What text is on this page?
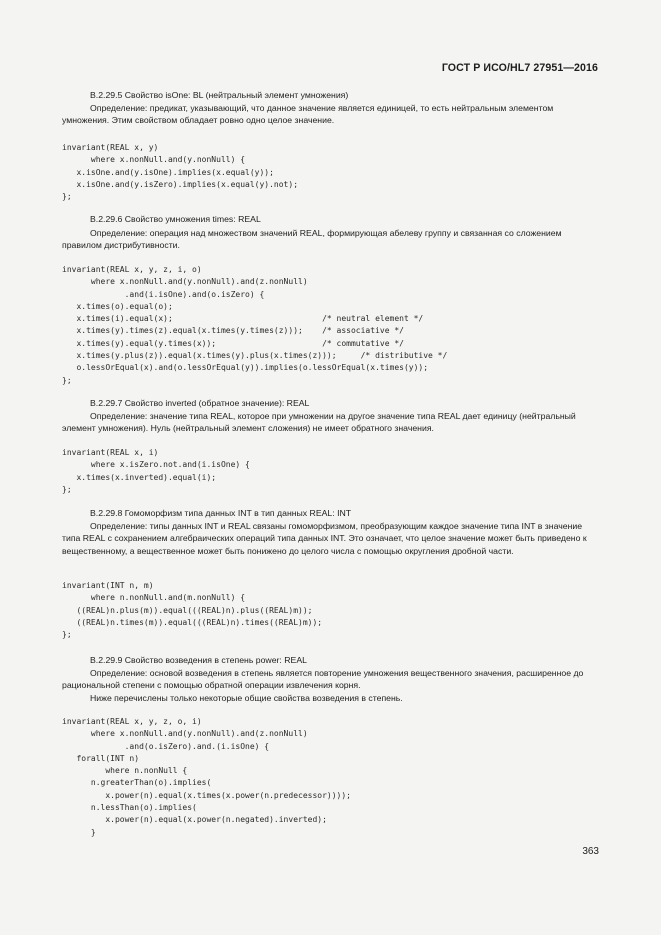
ГОСТ Р ИСО/HL7 27951—2016

B.2.29.5 Свойство isOne: BL (нейтральный элемент умножения)

Определение: предикат, указывающий, что данное значение является единицей, то есть нейтральным элементом умножения. Этим свойством обладает ровно одно целое значение.

invariant(REAL x, y)
where x.nonNull.and(y.nonNull) {
x.isOne.and(y.isOne).implies(x.equal(y));
x.isOne.and(y.isZero).implies(x.equal(y).not);
};

B.2.29.6 Свойство умножения times: REAL

Определение: операция над множеством значений REAL, формирующая абелеву группу и связанная со сложением правилом дистрибутивности.

invariant(REAL x, y, z, i, o)
where x.nonNull.and(y.nonNull).and(z.nonNull)
.and(i.isOne).and(o.isZero) {
x.times(o).equal(o);
x.times(i).equal(x);                               /* neutral element */
x.times(y).times(z).equal(x.times(y.times(z)));    /* associative */
x.times(y).equal(y.times(x));                      /* commutative */
x.times(y.plus(z)).equal(x.times(y).plus(x.times(z)));     /* distributive */
o.lessOrEqual(x).and(o.lessOrEqual(y)).implies(o.lessOrEqual(x.times(y));
};

B.2.29.7 Свойство inverted (обратное значение): REAL

Определение: значение типа REAL, которое при умножении на другое значение типа REAL дает единицу (нейтральный элемент умножения). Нуль (нейтральный элемент сложения) не имеет обратного значения.

invariant(REAL x, i)
where x.isZero.not.and(i.isOne) {
x.times(x.inverted).equal(i);
};

B.2.29.8 Гомоморфизм типа данных INT в тип данных REAL: INT

Определение: типы данных INT и REAL связаны гомоморфизмом, преобразующим каждое значение типа INT в значение типа REAL с сохранением алгебраических операций типа данных INT. Это означает, что целое значение может быть приведено к вещественному, а вещественное может быть понижено до целого числа с помощью округления дробной части.

invariant(INT n, m)
where n.nonNull.and(m.nonNull) {
((REAL)n.plus(m)).equal(((REAL)n).plus((REAL)m));
((REAL)n.times(m)).equal(((REAL)n).times((REAL)m));
};

B.2.29.9 Свойство возведения в степень power: REAL

Определение: основой возведения в степень является повторение умножения вещественного значения, расширенное до рациональной степени с помощью обратной операции извлечения корня.

Ниже перечислены только некоторые общие свойства возведения в степень.

invariant(REAL x, y, z, o, i)
where x.nonNull.and(y.nonNull).and(z.nonNull)
.and(o.isZero).and.(i.isOne) {
forall(INT n)
where n.nonNull {
n.greaterThan(o).implies(
x.power(n).equal(x.times(x.power(n.predecessor))));
n.lessThan(o).implies(
x.power(n).equal(x.power(n.negated).inverted);
}
363
